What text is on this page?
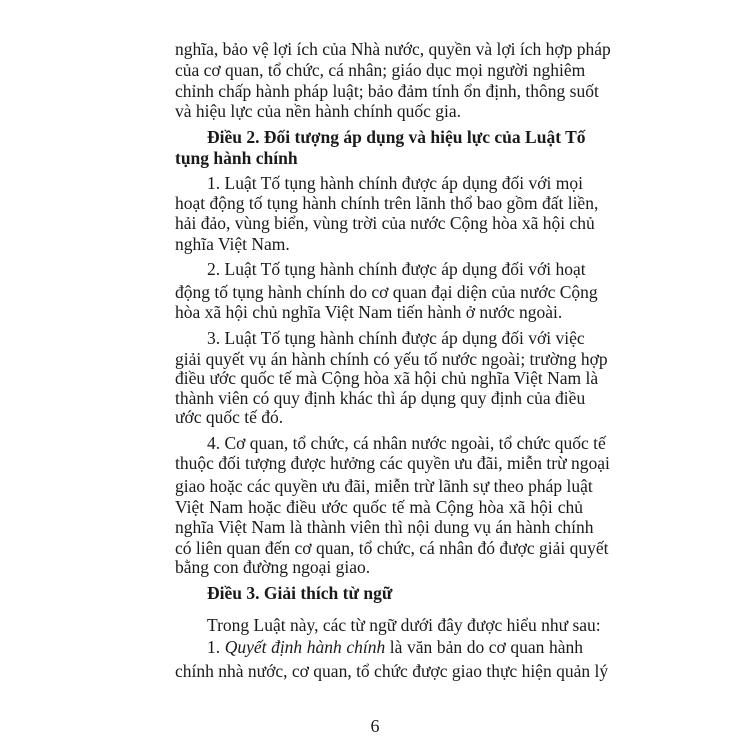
nghĩa, bảo vệ lợi ích của Nhà nước, quyền và lợi ích hợp pháp
của cơ quan, tổ chức, cá nhân; giáo dục mọi người nghiêm
chỉnh chấp hành pháp luật; bảo đảm tính ổn định, thông suốt
và hiệu lực của nền hành chính quốc gia.
Điều 2. Đối tượng áp dụng và hiệu lực của Luật Tố
tụng hành chính
1. Luật Tố tụng hành chính được áp dụng đối với mọi
hoạt động tố tụng hành chính trên lãnh thổ bao gồm đất liền,
hải đảo, vùng biển, vùng trời của nước Cộng hòa xã hội chủ
nghĩa Việt Nam.
2. Luật Tố tụng hành chính được áp dụng đối với hoạt
động tố tụng hành chính do cơ quan đại diện của nước Cộng
hòa xã hội chủ nghĩa Việt Nam tiến hành ở nước ngoài.
3. Luật Tố tụng hành chính được áp dụng đối với việc
giải quyết vụ án hành chính có yếu tố nước ngoài; trường hợp
điều ước quốc tế mà Cộng hòa xã hội chủ nghĩa Việt Nam là
thành viên có quy định khác thì áp dụng quy định của điều
ước quốc tế đó.
4. Cơ quan, tổ chức, cá nhân nước ngoài, tổ chức quốc tế
thuộc đối tượng được hưởng các quyền ưu đãi, miễn trừ ngoại
giao hoặc các quyền ưu đãi, miễn trừ lãnh sự theo pháp luật
Việt Nam hoặc điều ước quốc tế mà Cộng hòa xã hội chủ
nghĩa Việt Nam là thành viên thì nội dung vụ án hành chính
có liên quan đến cơ quan, tổ chức, cá nhân đó được giải quyết
bằng con đường ngoại giao.
Điều 3. Giải thích từ ngữ
Trong Luật này, các từ ngữ dưới đây được hiểu như sau:
1. Quyết định hành chính là văn bản do cơ quan hành
chính nhà nước, cơ quan, tổ chức được giao thực hiện quản lý
6
